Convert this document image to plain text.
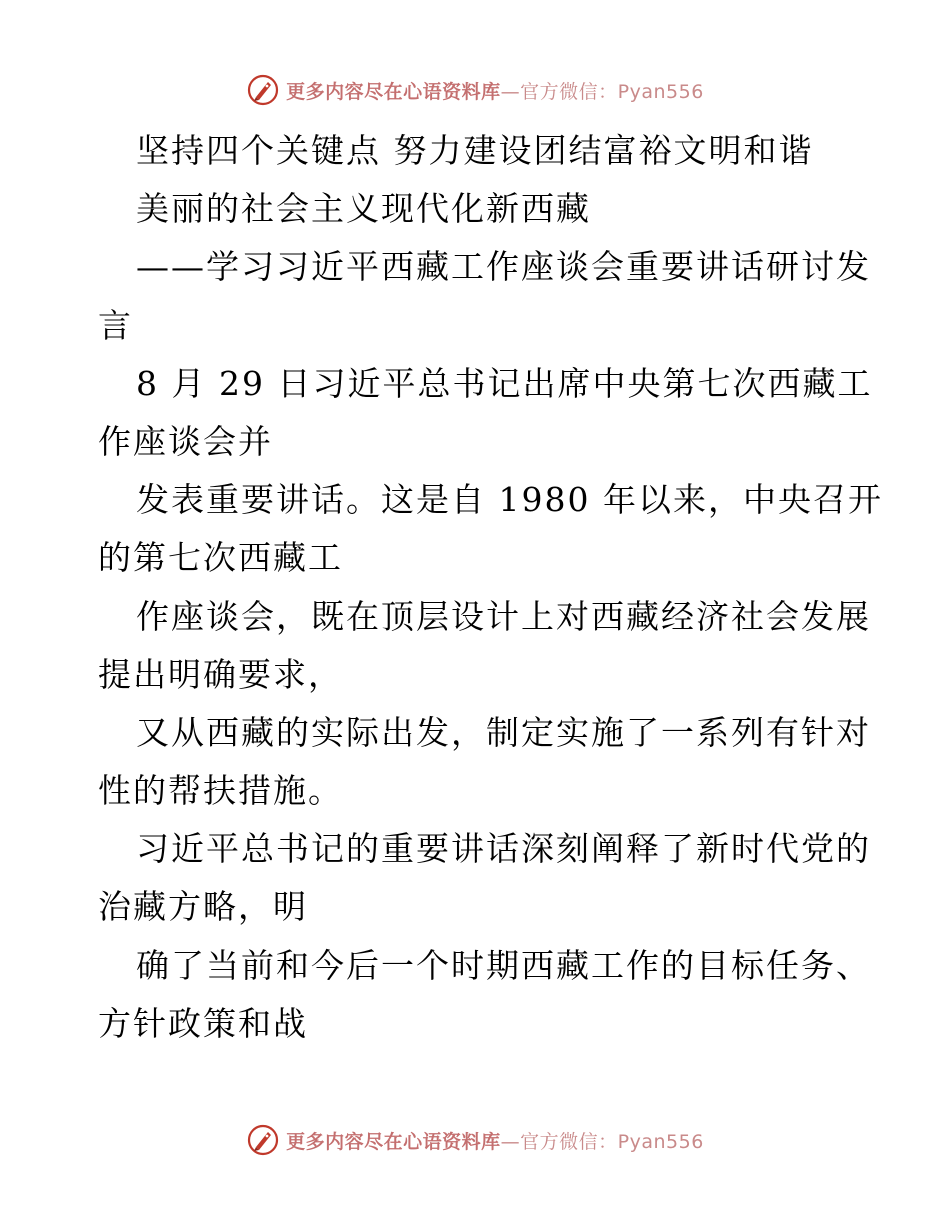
更多内容尽在心语资料库—官方微信：Pyan556
坚持四个关键点 努力建设团结富裕文明和谐
美丽的社会主义现代化新西藏
——学习习近平西藏工作座谈会重要讲话研讨发
言
8 月 29 日习近平总书记出席中央第七次西藏工
作座谈会并
发表重要讲话。这是自 1980 年以来，中央召开
的第七次西藏工
作座谈会，既在顶层设计上对西藏经济社会发展
提出明确要求，
又从西藏的实际出发，制定实施了一系列有针对
性的帮扶措施。
习近平总书记的重要讲话深刻阐释了新时代党的
治藏方略，明
确了当前和今后一个时期西藏工作的目标任务、
方针政策和战
更多内容尽在心语资料库—官方微信：Pyan556
